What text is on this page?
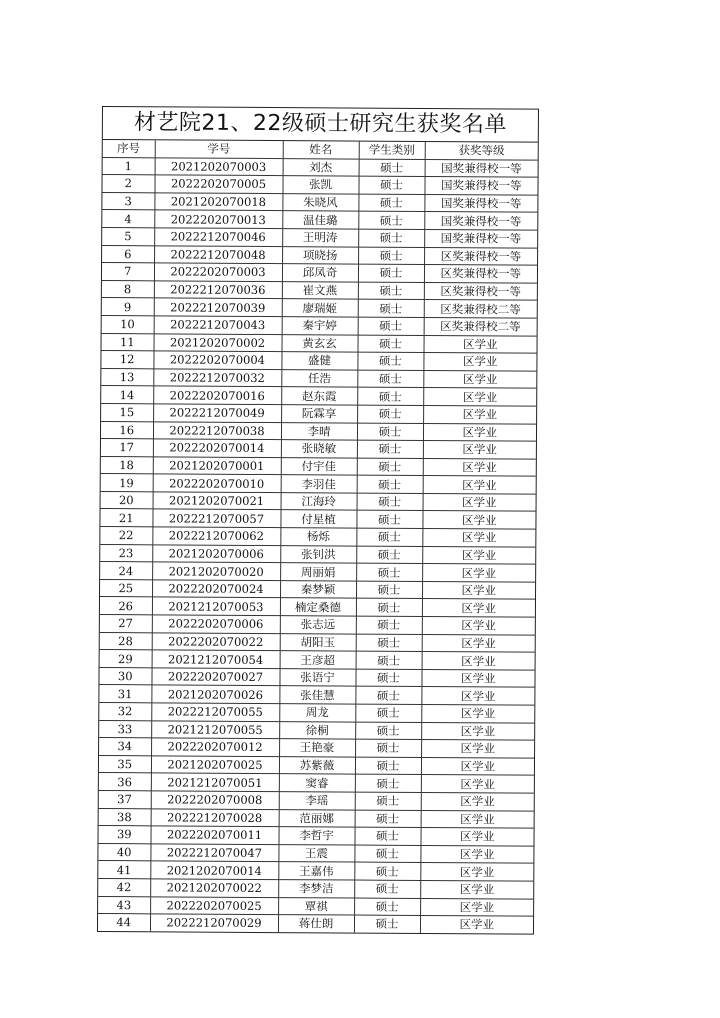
材艺院21、22级硕士研究生获奖名单
序号	学号	姓名	学生类别	获奖等级
1	2021202070003	刘杰	硕士	国奖兼得校一等
2	2022202070005	张凯	硕士	国奖兼得校一等
3	2021202070018	朱晓风	硕士	国奖兼得校一等
4	2022202070013	温佳璐	硕士	国奖兼得校一等
5	2022212070046	王明涛	硕士	国奖兼得校一等
6	2022212070048	项晓扬	硕士	区奖兼得校一等
7	2022202070003	邱凤奇	硕士	区奖兼得校一等
8	2022212070036	崔文燕	硕士	区奖兼得校一等
9	2022212070039	廖瑞姬	硕士	区奖兼得校二等
10	2022212070043	秦宇婷	硕士	区奖兼得校二等
11	2021202070002	黄玄玄	硕士	区学业
12	2022202070004	盛健	硕士	区学业
13	2022212070032	任浩	硕士	区学业
14	2022202070016	赵东霞	硕士	区学业
15	2022212070049	阮霖享	硕士	区学业
16	2022212070038	李晴	硕士	区学业
17	2022202070014	张晓敏	硕士	区学业
18	2021202070001	付宇佳	硕士	区学业
19	2022202070010	李羽佳	硕士	区学业
20	2021202070021	江海玲	硕士	区学业
21	2022212070057	付星植	硕士	区学业
22	2022212070062	杨烁	硕士	区学业
23	2021202070006	张钊洪	硕士	区学业
24	2021202070020	周丽娟	硕士	区学业
25	2022202070024	秦梦颖	硕士	区学业
26	2021212070053	楠定桑德	硕士	区学业
27	2022202070006	张志远	硕士	区学业
28	2022202070022	胡阳玉	硕士	区学业
29	2021212070054	王彦超	硕士	区学业
30	2022202070027	张语宁	硕士	区学业
31	2021202070026	张佳慧	硕士	区学业
32	2022212070055	周龙	硕士	区学业
33	2021212070055	徐桐	硕士	区学业
34	2022202070012	王艳豪	硕士	区学业
35	2021202070025	苏紫薇	硕士	区学业
36	2021212070051	窦睿	硕士	区学业
37	2022202070008	李瑶	硕士	区学业
38	2022212070028	范丽娜	硕士	区学业
39	2022202070011	李哲宇	硕士	区学业
40	2022212070047	王震	硕士	区学业
41	2021202070014	王嘉伟	硕士	区学业
42	2021202070022	李梦洁	硕士	区学业
43	2022202070025	覃祺	硕士	区学业
44	2022212070029	蒋仕朗	硕士	区学业
